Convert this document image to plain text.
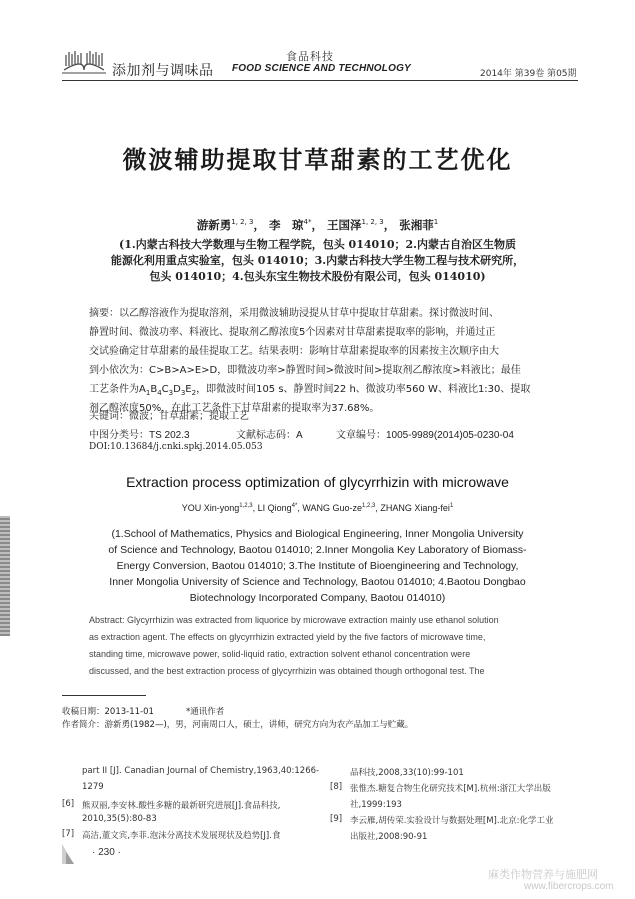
添加剂与调味品
食品科技
FOOD SCIENCE AND TECHNOLOGY	2014年 第39卷 第05期
微波辅助提取甘草甜素的工艺优化
游新勇$^{1, 2, 3}$， 李　琼$^{4*}$， 王国泽$^{1, 2, 3}$， 张湘菲$^1$
(1.内蒙古科技大学数理与生物工程学院，包头 014010；2.内蒙古自治区生物质
能源化利用重点实验室，包头 014010；3.内蒙古科技大学生物工程与技术研究所，
包头 014010；4.包头东宝生物技术股份有限公司，包头 014010)
摘要：以乙醇溶液作为提取溶剂，采用微波辅助浸提从甘草中提取甘草甜素。探讨微波时间、
静置时间、微波功率、料液比、提取剂乙醇浓度5个因素对甘草甜素提取率的影响，并通过正
交试验确定甘草甜素的最佳提取工艺。结果表明：影响甘草甜素提取率的因素按主次顺序由大
到小依次为：C>B>A>E>D，即微波功率>静置时间>微波时间>提取剂乙醇浓度>料液比；最佳
工艺条件为$A_1B_4C_3D_3E_2$，即微波时间105 s、静置时间22 h、微波功率560 W、料液比1:30、提取
剂乙醇浓度50%，在此工艺条件下甘草甜素的提取率为37.68%。
关键词：微波；甘草甜素；提取工艺
中图分类号：TS 202.3	文献标志码：A	文章编号：1005-9989(2014)05-0230-04
DOI:10.13684/j.cnki.spkj.2014.05.053
Extraction process optimization of glycyrrhizin with microwave
YOU Xin-yong$^{1,2,3}$, LI Qiong$^{4*}$, WANG Guo-ze$^{1,2,3}$, ZHANG Xiang-fei$^1$
(1.School of Mathematics, Physics and Biological Engineering, Inner Mongolia University
of Science and Technology, Baotou 014010; 2.Inner Mongolia Key Laboratory of Biomass-
Energy Conversion, Baotou 014010; 3.The Institute of Bioengineering and Technology,
Inner Mongolia University of Science and Technology, Baotou 014010; 4.Baotou Dongbao
Biotechnology Incorporated Company, Baotou 014010)
Abstract: Glycyrrhizin was extracted from liquorice by microwave extraction mainly use ethanol solution
as extraction agent. The effects on glycyrrhizin extracted yield by the five factors of microwave time,
standing time, microwave power, solid-liquid ratio, extraction solvent ethanol concentration were
discussed, and the best extraction process of glycyrrhizin was obtained though orthogonal test. The
收稿日期：2013-11-01	*通讯作者
作者简介：游新勇(1982—)，男，河南周口人，硕士，讲师，研究方向为农产品加工与贮藏。
part II [J]. Canadian Journal of Chemistry,1963,40:1266-
1279
[6] 熊双丽,李安林.酸性多糖的最新研究进展[J].食品科技,
2010,35(5):80-83
[7] 高洁,董文宾,李菲.泡沫分离技术发展现状及趋势[J].食
品科技,2008,33(10):99-101
[8] 张惟杰.糖复合物生化研究技术[M].杭州:浙江大学出版
社,1999:193
[9] 李云雁,胡传荣.实验设计与数据处理[M].北京:化学工业
出版社,2008:90-91
· 230 ·
麻类作物营养与施肥网
www.fibercrops.com
